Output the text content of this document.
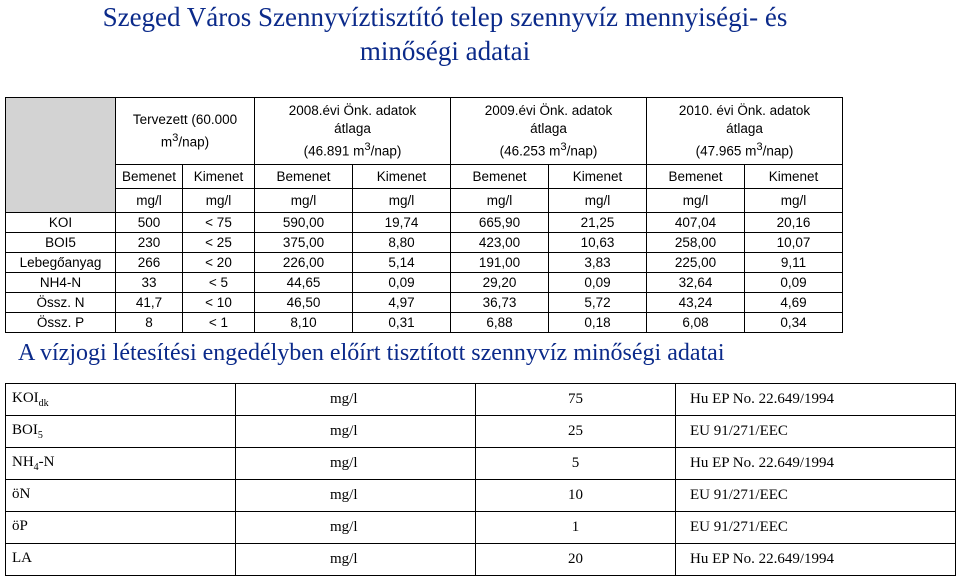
Szeged Város Szennyvíztisztító telep szennyvíz mennyiségi- és
minőségi adatai
	Tervezett (60.000
$m^3/nap$)		2008.évi Önk. adatok
átlaga
(46.891 $m^3/nap$)		2009.évi Önk. adatok
átlaga
(46.253 $m^3/nap$)		2010. évi Önk. adatok
átlaga
(47.965 $m^3/nap$)	
	Bemenet	Kimenet	Bemenet	Kimenet	Bemenet	Kimenet	Bemenet	Kimenet
	mg/l	mg/l	mg/l	mg/l	mg/l	mg/l	mg/l	mg/l
KOI	500	< 75	590,00	19,74	665,90	21,25	407,04	20,16
BOI5	230	< 25	375,00	8,80	423,00	10,63	258,00	10,07
Lebegőanyag	266	< 20	226,00	5,14	191,00	3,83	225,00	9,11
NH4-N	33	< 5	44,65	0,09	29,20	0,09	32,64	0,09
Össz. N	41,7	< 10	46,50	4,97	36,73	5,72	43,24	4,69
Össz. P	8	< 1	8,10	0,31	6,88	0,18	6,08	0,34
A vízjogi létesítési engedélyben előírt tisztított szennyvíz minőségi adatai
$KOI_{dk}$	mg/l	75	Hu EP No. 22.649/1994
$BOI_5$	mg/l	25	EU 91/271/EEC
$NH_4-N$	mg/l	5	Hu EP No. 22.649/1994
öN	mg/l	10	EU 91/271/EEC
öP	mg/l	1	EU 91/271/EEC
LA	mg/l	20	Hu EP No. 22.649/1994
